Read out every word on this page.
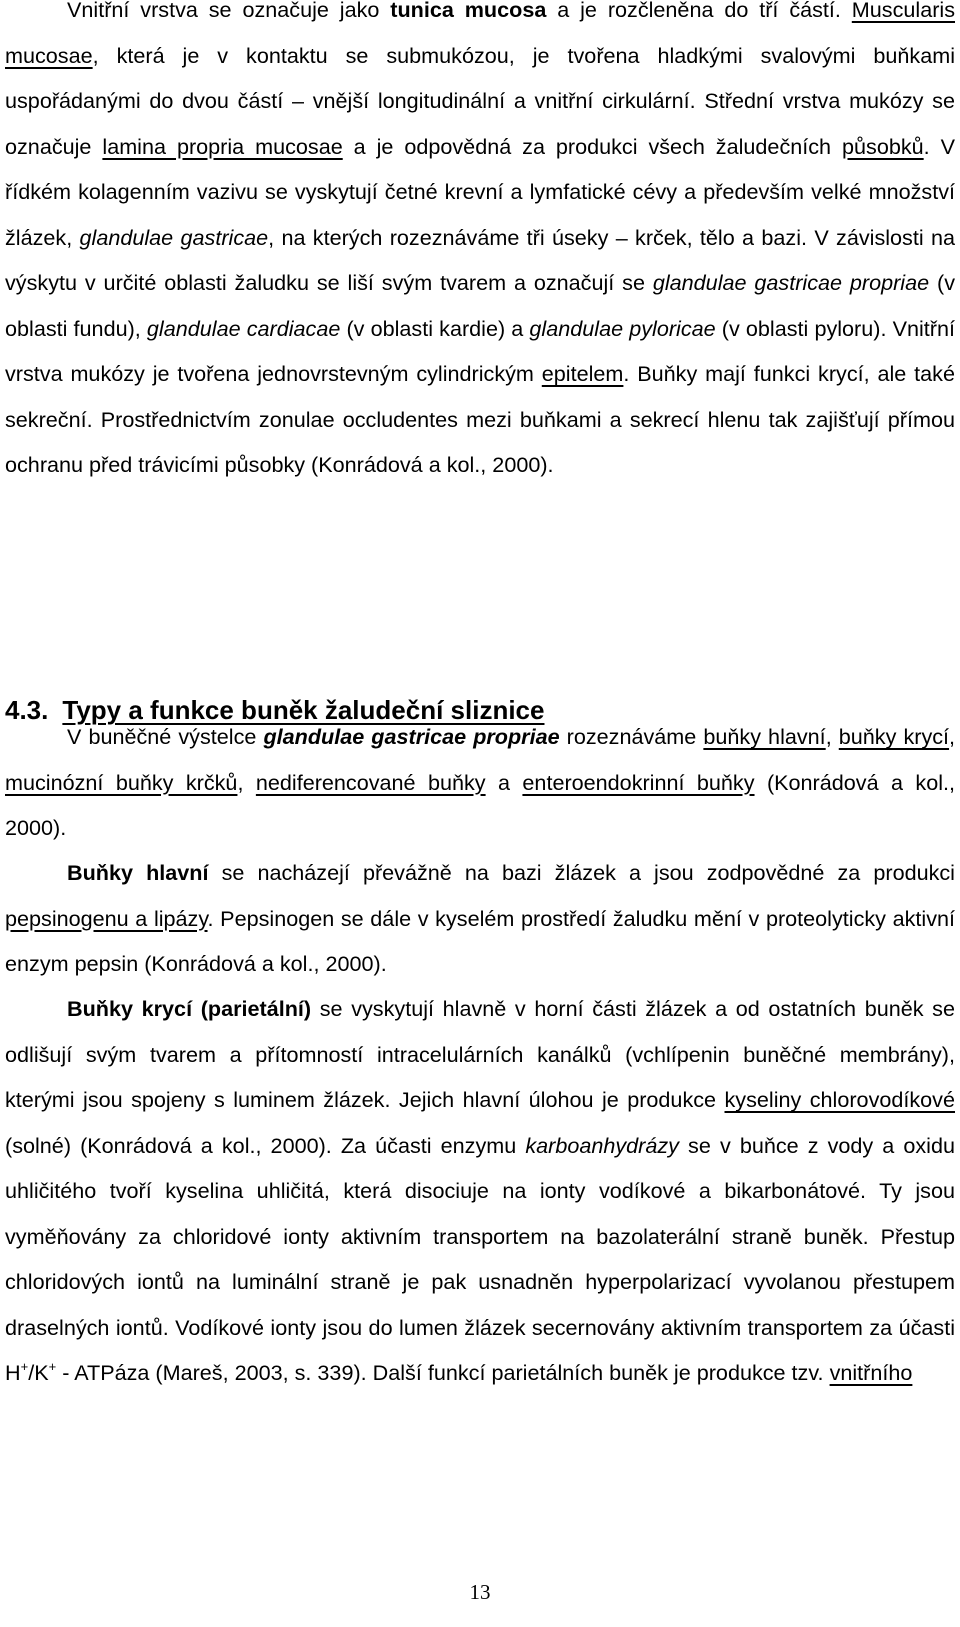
Vnitřní vrstva se označuje jako tunica mucosa a je rozčleněna do tří částí. Muscularis mucosae, která je v kontaktu se submukózou, je tvořena hladkými svalovými buňkami uspořádanými do dvou částí – vnější longitudinální a vnitřní cirkulární. Střední vrstva mukózy se označuje lamina propria mucosae a je odpovědná za produkci všech žaludečních působků. V řídkém kolagenním vazivu se vyskytují četné krevní a lymfatické cévy a především velké množství žlázek, glandulae gastricae, na kterých rozeznáváme tři úseky – krček, tělo a bazi. V závislosti na výskytu v určité oblasti žaludku se liší svým tvarem a označují se glandulae gastricae propriae (v oblasti fundu), glandulae cardiacae (v oblasti kardie) a glandulae pyloricae (v oblasti pyloru). Vnitřní vrstva mukózy je tvořena jednovrstevným cylindrickým epitelem. Buňky mají funkci krycí, ale také sekreční. Prostřednictvím zonulae occludentes mezi buňkami a sekrecí hlenu tak zajišťují přímou ochranu před trávicími působky (Konrádová a kol., 2000).

4.3. Typy a funkce buněk žaludeční sliznice

V buněčné výstelce glandulae gastricae propriae rozeznáváme buňky hlavní, buňky krycí, mucinózní buňky krčků, nediferencované buňky a enteroendokrinní buňky (Konrádová a kol., 2000).

Buňky hlavní se nacházejí převážně na bazi žlázek a jsou zodpovědné za produkci pepsinogenu a lipázy. Pepsinogen se dále v kyselém prostředí žaludku mění v proteolyticky aktivní enzym pepsin (Konrádová a kol., 2000).

Buňky krycí (parietální) se vyskytují hlavně v horní části žlázek a od ostatních buněk se odlišují svým tvarem a přítomností intracelulárních kanálků (vchlípenin buněčné membrány), kterými jsou spojeny s luminem žlázek. Jejich hlavní úlohou je produkce kyseliny chlorovodíkové (solné) (Konrádová a kol., 2000). Za účasti enzymu karboanhydrázy se v buňce z vody a oxidu uhličitého tvoří kyselina uhličitá, která disociuje na ionty vodíkové a bikarbonátové. Ty jsou vyměňovány za chloridové ionty aktivním transportem na bazolaterální straně buněk. Přestup chloridových iontů na luminální straně je pak usnadněn hyperpolarizací vyvolanou přestupem draselných iontů. Vodíkové ionty jsou do lumen žlázek secernovány aktivním transportem za účasti H+/K+ - ATPáza (Mareš, 2003, s. 339). Další funkcí parietálních buněk je produkce tzv. vnitřního

13
